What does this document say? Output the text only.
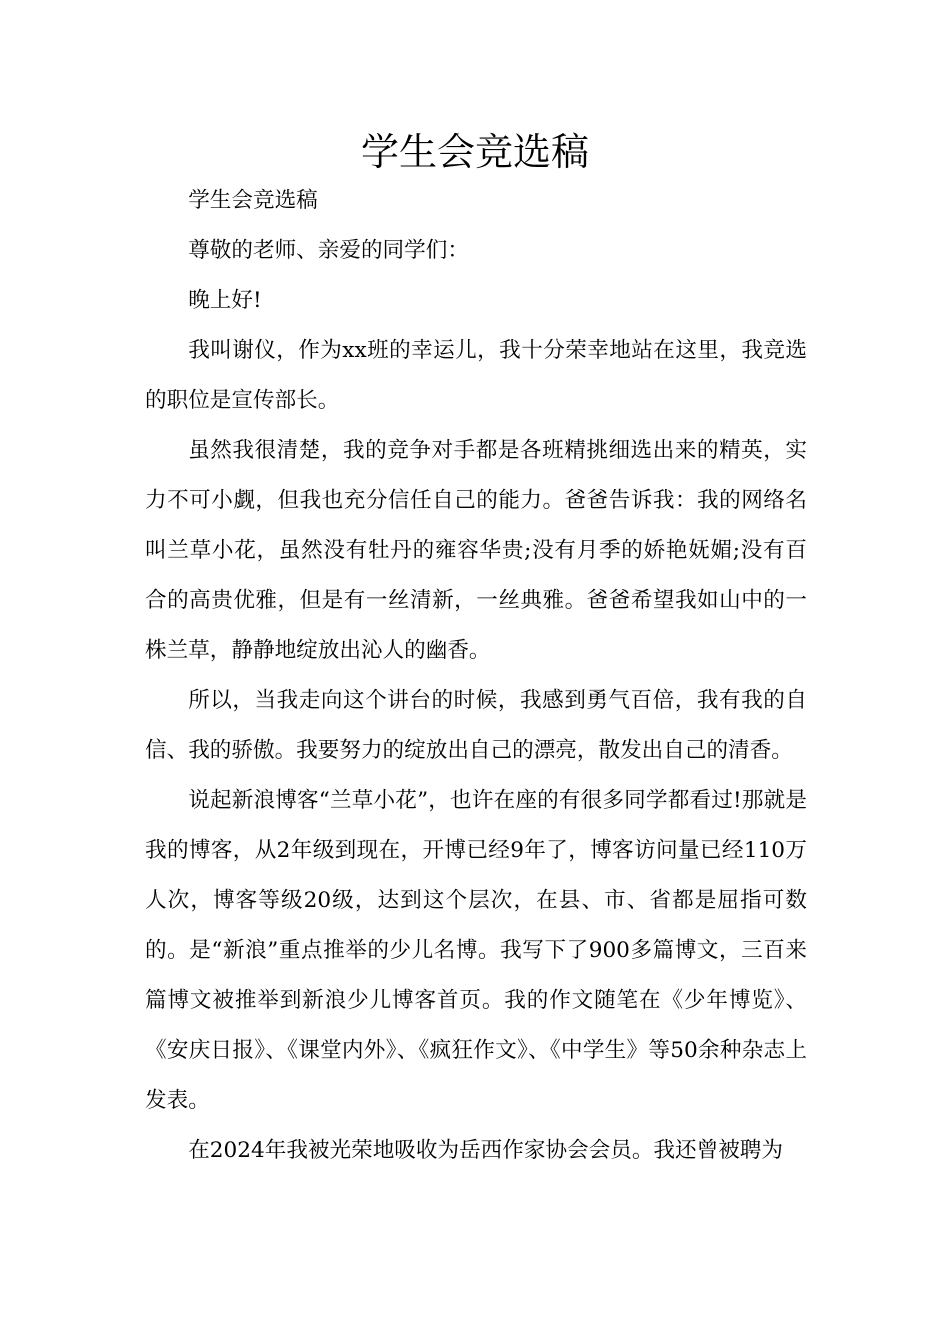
学生会竞选稿

学生会竞选稿

尊敬的老师、亲爱的同学们：

晚上好!

我叫谢仪，作为xx班的幸运儿，我十分荣幸地站在这里，我竞选的职位是宣传部长。

虽然我很清楚，我的竞争对手都是各班精挑细选出来的精英，实力不可小觑，但我也充分信任自己的能力。爸爸告诉我：我的网络名叫兰草小花，虽然没有牡丹的雍容华贵;没有月季的娇艳妩媚;没有百合的高贵优雅，但是有一丝清新，一丝典雅。爸爸希望我如山中的一株兰草，静静地绽放出沁人的幽香。

所以，当我走向这个讲台的时候，我感到勇气百倍，我有我的自信、我的骄傲。我要努力的绽放出自己的漂亮，散发出自己的清香。

说起新浪博客“兰草小花”，也许在座的有很多同学都看过!那就是我的博客，从2年级到现在，开博已经9年了，博客访问量已经110万人次，博客等级20级，达到这个层次，在县、市、省都是屈指可数的。是“新浪”重点推举的少儿名博。我写下了900多篇博文，三百来篇博文被推举到新浪少儿博客首页。我的作文随笔在《少年博览》、《安庆日报》、《课堂内外》、《疯狂作文》、《中学生》等50余种杂志上发表。

在2024年我被光荣地吸收为岳西作家协会会员。我还曾被聘为
